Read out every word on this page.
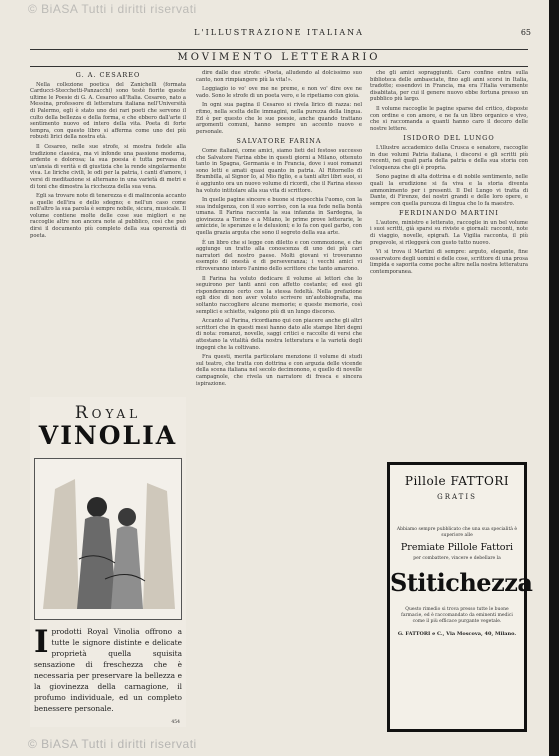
© BiASA Tutti i diritti riservati
L'ILLUSTRAZIONE ITALIANA	65
MOVIMENTO LETTERARIO
G. A. CESAREO

Nella collezione poetica del Zanichelli (formata Carducci-Stecchetti-Panzacchi) sono testè fiorite queste ultime le Poesie di G. A. Cesareo all'Italia. Cesareo, nato a Messina, professore di letteratura italiana nell'Università di Palermo, egli è stato uno dei rari poeti che servono il culto della bellezza e della forma, e che ebbero dall'arte il sentimento nuovo ed intero della vita. Poeta di forte tempra, con questo libro si afferma come uno dei più robusti lirici della nostra età.

Il Cesareo, nelle sue strofe, si mostra fedele alla tradizione classica, ma vi infonde una passione moderna, ardente e dolorosa; la sua poesia è tutta pervasa di un'ansia di verità e di giustizia che la rende singolarmente viva. Le liriche civili, le odi per la patria, i canti d'amore, i versi di meditazione si alternano in una varietà di metri e di toni che dimostra la ricchezza della sua vena.

Egli sa trovare note di tenerezza e di malinconia accanto a quelle dell'ira e dello sdegno; e nell'un caso come nell'altro la sua parola è sempre nobile, sicura, musicale. Il volume contiene molte delle cose sue migliori e ne raccoglie altre non ancora note al pubblico, così che può dirsi il documento più completo della sua operosità di poeta.

dire dalle due strofe: «Poeta, alludendo al dolcissimo suo canto, non rimpiangere più la vita!».

Loggiagio io vo' ove me ne preme, e non vo' dire ove ne vado. Sono le strofe di un poeta vero, e le ripetiamo con gioia.

In ogni sua pagina il Cesareo si rivela lirico di razza: nel ritmo, nella scelta delle immagini, nella purezza della lingua. Ed è per questo che le sue poesie, anche quando trattano argomenti comuni, hanno sempre un accento nuovo e personale.

SALVATORE FARINA

Come italiani, come amici, siamo lieti del festoso successo che Salvatore Farina ebbe in questi giorni a Milano, ottenuto tanto in Spagna, Germania e in Francia, dove i suoi romanzi sono letti e amati quasi quanto in patria. Al Ritornello di Brambilla, al Signor Io, al Mio figlio, e a tanti altri libri suoi, si è aggiunto ora un nuovo volume di ricordi, che il Farina stesso ha voluto intitolare alla sua vita di scrittore.

In quelle pagine sincere e buone si rispecchia l'uomo, con la sua indulgenza, con il suo sorriso, con la sua fede nella bontà umana. Il Farina racconta la sua infanzia in Sardegna, la giovinezza a Torino e a Milano, le prime prove letterarie, le amicizie, le speranze e le delusioni; e lo fa con quel garbo, con quella grazia arguta che sono il segreto della sua arte.

È un libro che si legge con diletto e con commozione, e che aggiunge un tratto alla conoscenza di uno dei più cari narratori del nostro paese. Molti giovani vi troveranno esempio di onestà e di perseveranza; i vecchi amici vi ritroveranno intero l'animo dello scrittore che tanto amarono.

Il Farina ha voluto dedicare il volume ai lettori che lo seguirono per tanti anni con affetto costante; ed essi gli risponderanno certo con la stessa fedeltà. Nella prefazione egli dice di non aver voluto scrivere un'autobiografia, ma soltanto raccogliere alcune memorie; e queste memorie, così semplici e schiette, valgono più di un lungo discorso.

Accanto al Farina, ricordiamo qui con piacere anche gli altri scrittori che in questi mesi hanno dato alle stampe libri degni di nota: romanzi, novelle, saggi critici e raccolte di versi che attestano la vitalità della nostra letteratura e la varietà degli ingegni che la coltivano.

Fra questi, merita particolare menzione il volume di studi sul teatro, che tratta con dottrina e con arguzia delle vicende della scena italiana nel secolo decimonono, e quello di novelle campagnole, che rivela un narratore di fresca e sincera ispirazione.

che gli amici sopraggiunti. Caro confine entra sulla biblioteca delle ambasciate, fino agli anni scorsi in Italia, tradotte; essendovi in Francia, ma era l'Italia veramente disabitata, per cui il genere nuovo ebbe fortuna presso un pubblico più largo.

Il volume raccoglie le pagine sparse del critico, disposte con ordine e con amore, e ne fa un libro organico e vivo, che si raccomanda a quanti hanno caro il decoro delle nostre lettere.

ISIDORO DEL LUNGO

L'illustre accademico della Crusca e senatore, raccoglie in due volumi Patria italiana, i discorsi e gli scritti più recenti, nei quali parla della patria e della sua storia con l'eloquenza che gli è propria.

Sono pagine di alta dottrina e di nobile sentimento, nelle quali la erudizione si fa viva e la storia diventa ammonimento per i presenti. Il Del Lungo vi tratta di Dante, di Firenze, dei nostri grandi e delle loro opere, e sempre con quella purezza di lingua che lo fa maestro.

FERDINANDO MARTINI

L'autore, ministro e letterato, raccoglie in un bel volume i suoi scritti, già sparsi su riviste e giornali: racconti, note di viaggio, novelle, epigrafi. La Vigilia racconta, il più pregevole, si rileggerà con gusto tutto nuovo.

Vi si trova il Martini di sempre: arguto, elegante, fine osservatore degli uomini e delle cose, scrittore di una prosa limpida e saporita come poche altre nella nostra letteratura contemporanea.

Royal
VINOLIA
I prodotti Royal Vinolia offrono a tutte le signore distinte e delicate proprietà quella squisita sensazione di freschezza che è necessaria per preservare la bellezza e la giovinezza della carnagione, il profumo individuale, ed un completo benessere personale.
454
Pillole FATTORI
GRATIS
Abbiamo sempre pubblicato che una sua specialità è superiore alle
Premiate Pillole Fattori
per combattere, vincere e debellare la
Stitichezza
Questo rimedio si trova presso tutte le buone farmacie, ed è raccomandato da eminenti medici come il più efficace purgante vegetale.
G. FATTORI e C., Via Moscova, 40, Milano.
© BiASA Tutti i diritti riservati
